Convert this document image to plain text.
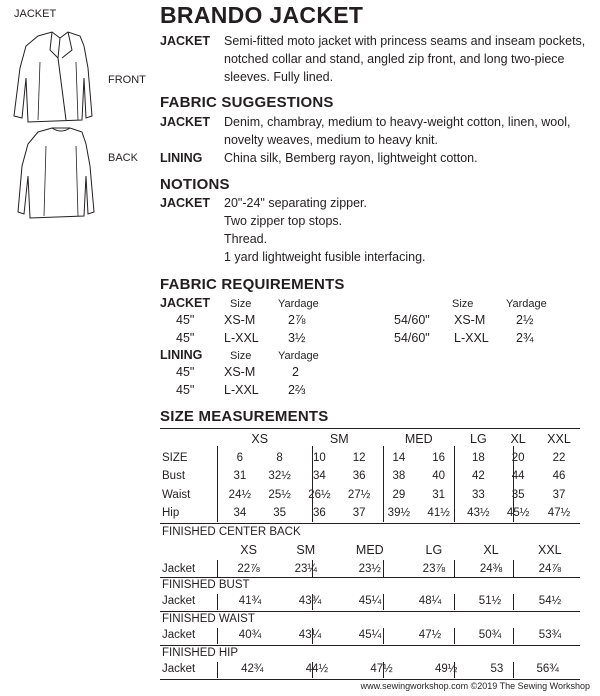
JACKET
FRONT
BACK
BRANDO JACKET
JACKET Semi-fitted moto jacket with princess seams and inseam pockets,
notched collar and stand, angled zip front, and long two-piece
sleeves. Fully lined.
FABRIC SUGGESTIONS
JACKET Denim, chambray, medium to heavy-weight cotton, linen, wool,
novelty weaves, medium to heavy knit.
LINING China silk, Bemberg rayon, lightweight cotton.
NOTIONS
JACKET 20"-24" separating zipper.
Two zipper top stops.
Thread.
1 yard lightweight fusible interfacing.
FABRIC REQUIREMENTS
JACKET Size Yardage	Size	Yardage
45" XS-M	2⅞
45" L-XXL 3½
54/60" XS-M 2½
54/60" L-XXL 2¾
LINING	Size Yardage
45" XS-M	2
45" L-XXL 2⅔
SIZE MEASUREMENTS
	XS		SM		MED		LG	XL	XXL
SIZE	6	8	10	12	14	16	18		20	22
Bust	31	32½	34	36	38	40	42		44	46
Waist	24½	25½	26½	27½	29	31	33		35	37
Hip	34	35	36	37	39½	41½	43½		45½	47½
FINISHED CENTER BACK
	XS	SM	MED	LG	XL	XXL
Jacket	22⅞	23¼	23½	23⅞	24⅜	24⅞
FINISHED BUST
Jacket	41¾	43¾	45¼	48¼	51½	54½
FINISHED WAIST
Jacket	40¾	43¼	45¼	47½	50¾	53¾
FINISHED HIP
Jacket	42¾	44½	47½	49½	53	56¾
www.sewingworkshop.com ©2019 The Sewing Workshop
